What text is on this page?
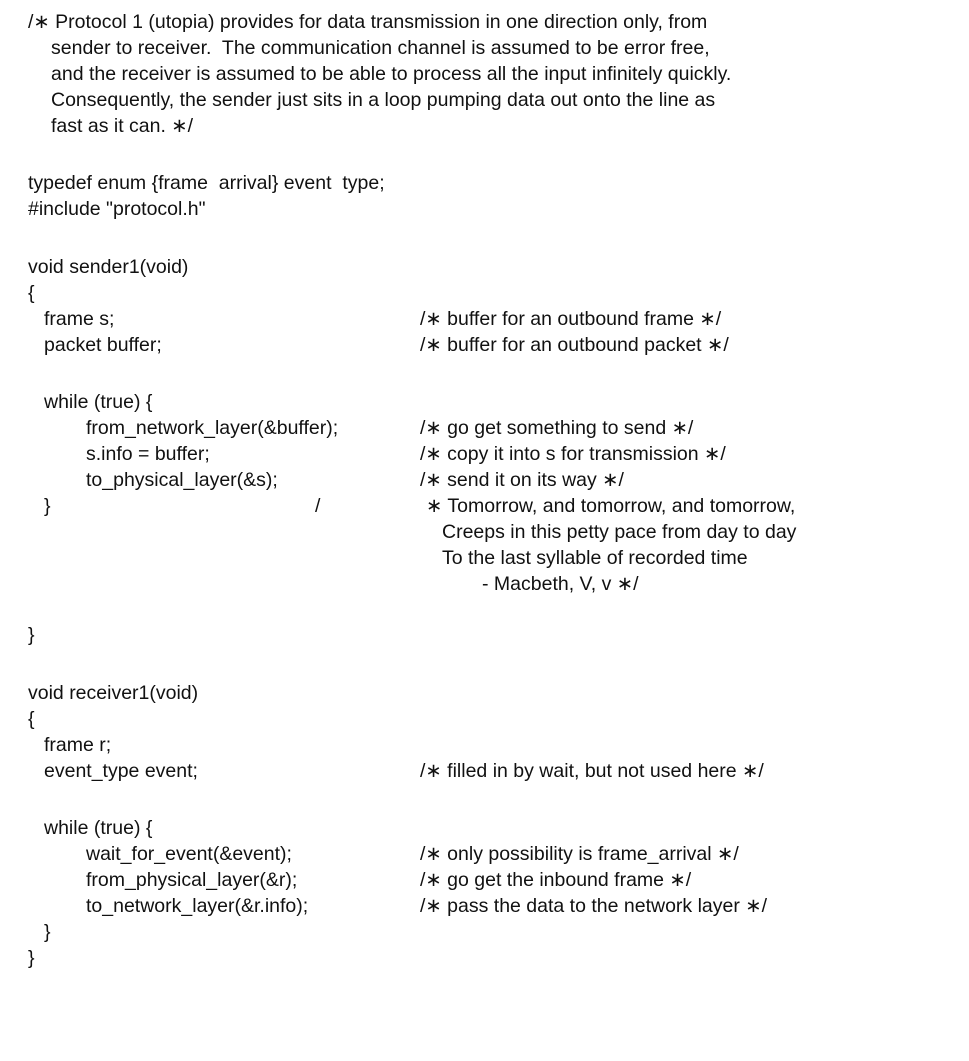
/∗ Protocol 1 (utopia) provides for data transmission in one direction only, from

sender to receiver.  The communication channel is assumed to be error free,

and the receiver is assumed to be able to process all the input infinitely quickly.

Consequently, the sender just sits in a loop pumping data out onto the line as

fast as it can. ∗/

typedef enum {frame  arrival} event  type;

#include "protocol.h"

void sender1(void)

{

frame s;

	/∗ buffer for an outbound frame ∗/

packet buffer;

	/∗ buffer for an outbound packet ∗/

while (true) {

from_network_layer(&buffer);

	/∗ go get something to send ∗/

s.info = buffer;

	/∗ copy it into s for transmission ∗/

to_physical_layer(&s);

	/∗ send it on its way ∗/

}

	/

	∗ Tomorrow, and tomorrow, and tomorrow,

Creeps in this petty pace from day to day

To the last syllable of recorded time

- Macbeth, V, v ∗/

}

void receiver1(void)

{

frame r;

event_type event;

	/∗ filled in by wait, but not used here ∗/

while (true) {

wait_for_event(&event);

	/∗ only possibility is frame_arrival ∗/

from_physical_layer(&r);

	/∗ go get the inbound frame ∗/

to_network_layer(&r.info);

	/∗ pass the data to the network layer ∗/

}

}
